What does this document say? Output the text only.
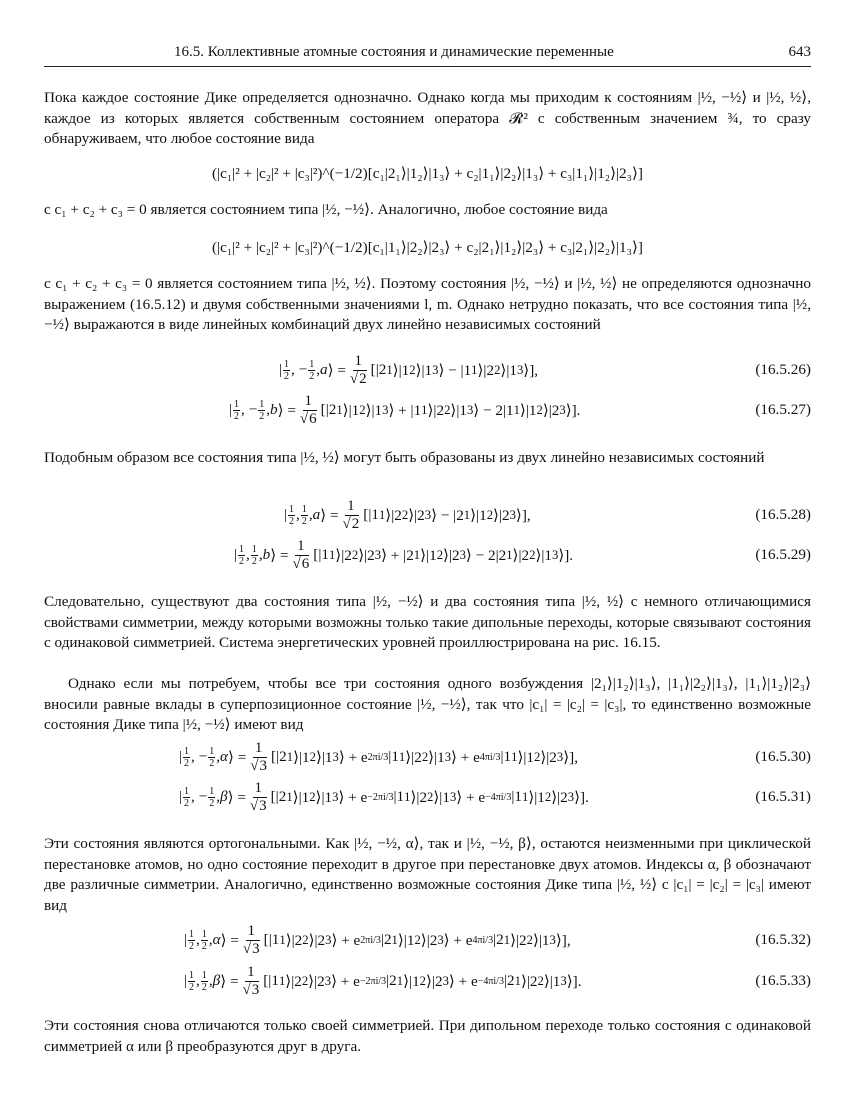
16.5. Коллективные атомные состояния и динамические переменные	643

Пока каждое состояние Дике определяется однозначно. Однако когда мы приходим к состояниям |½, −½⟩ и |½, ½⟩, каждое из которых является собственным состоянием оператора 𝓡² с собственным значением ¾, то сразу обнаруживаем, что любое состояние вида

(|c₁|² + |c₂|² + |c₃|²)^(−1/2)[c₁|2₁⟩|1₂⟩|1₃⟩ + c₂|1₁⟩|2₂⟩|1₃⟩ + c₃|1₁⟩|1₂⟩|2₃⟩]

с c₁ + c₂ + c₃ = 0 является состоянием типа |½, −½⟩. Аналогично, любое состояние вида

(|c₁|² + |c₂|² + |c₃|²)^(−1/2)[c₁|1₁⟩|2₂⟩|2₃⟩ + c₂|2₁⟩|1₂⟩|2₃⟩ + c₃|2₁⟩|2₂⟩|1₃⟩]

с c₁ + c₂ + c₃ = 0 является состоянием типа |½, ½⟩. Поэтому состояния |½, −½⟩ и |½, ½⟩ не определяются однозначно выражением (16.5.12) и двумя собственными значениями l, m. Однако нетрудно показать, что все состояния типа |½, −½⟩ выражаются в виде линейных комбинаций двух линейно независимых состояний

| 1
2 , − 1
2 , a ⟩ = $\frac{1}{√2} [|2$ 1 ⟩|1 2 ⟩|1 3 ⟩ − |1 1 ⟩|2 2 ⟩|1 3 ⟩],	(16.5.26)
| 1
2 , − 1
2 , b ⟩ = $\frac{1}{√6} [|2$ 1 ⟩|1 2 ⟩|1 3 ⟩ + |1 1 ⟩|2 2 ⟩|1 3 ⟩ − 2|1 1 ⟩|1 2 ⟩|2 3 ⟩].	(16.5.27)

Подобным образом все состояния типа |½, ½⟩ могут быть образованы из двух линейно независимых состояний

| 1
2 , 1
2 , a ⟩ = $\frac{1}{√2} [|1$ 1 ⟩|2 2 ⟩|2 3 ⟩ − |2 1 ⟩|1 2 ⟩|2 3 ⟩],	(16.5.28)
| 1
2 , 1
2 , b ⟩ = $\frac{1}{√6} [|1$ 1 ⟩|2 2 ⟩|2 3 ⟩ + |2 1 ⟩|1 2 ⟩|2 3 ⟩ − 2|2 1 ⟩|2 2 ⟩|1 3 ⟩].	(16.5.29)

Следовательно, существуют два состояния типа |½, −½⟩ и два состояния типа |½, ½⟩ с немного отличающимися свойствами симметрии, между которыми возможны только такие дипольные переходы, которые связывают состояния с одинаковой симметрией. Система энергетических уровней проиллюстрирована на рис. 16.15.

Однако если мы потребуем, чтобы все три состояния одного возбуждения |2₁⟩|1₂⟩|1₃⟩, |1₁⟩|2₂⟩|1₃⟩, |1₁⟩|1₂⟩|2₃⟩ вносили равные вклады в суперпозиционное состояние |½, −½⟩, так что |c₁| = |c₂| = |c₃|, то единственно возможные состояния Дике типа |½, −½⟩ имеют вид

| 1
2 , − 1
2 , α ⟩ = $\frac{1}{√3} [|2$ 1 ⟩|1 2 ⟩|1 3 ⟩ + e 2πi/3 |1 1 ⟩|2 2 ⟩|1 3 ⟩ + e 4πi/3 |1 1 ⟩|1 2 ⟩|2 3 ⟩],	(16.5.30)
| 1
2 , − 1
2 , β ⟩ = $\frac{1}{√3} [|2$ 1 ⟩|1 2 ⟩|1 3 ⟩ + e −2πi/3 |1 1 ⟩|2 2 ⟩|1 3 ⟩ + e −4πi/3 |1 1 ⟩|1 2 ⟩|2 3 ⟩].	(16.5.31)

Эти состояния являются ортогональными. Как |½, −½, α⟩, так и |½, −½, β⟩, остаются неизменными при циклической перестановке атомов, но одно состояние переходит в другое при перестановке двух атомов. Индексы α, β обозначают две различные симметрии. Аналогично, единственно возможные состояния Дике типа |½, ½⟩ с |c₁| = |c₂| = |c₃| имеют вид

| 1
2 , 1
2 , α ⟩ = $\frac{1}{√3} [|1$ 1 ⟩|2 2 ⟩|2 3 ⟩ + e 2πi/3 |2 1 ⟩|1 2 ⟩|2 3 ⟩ + e 4πi/3 |2 1 ⟩|2 2 ⟩|1 3 ⟩],	(16.5.32)
| 1
2 , 1
2 , β ⟩ = $\frac{1}{√3} [|1$ 1 ⟩|2 2 ⟩|2 3 ⟩ + e −2πi/3 |2 1 ⟩|1 2 ⟩|2 3 ⟩ + e −4πi/3 |2 1 ⟩|2 2 ⟩|1 3 ⟩].	(16.5.33)

Эти состояния снова отличаются только своей симметрией. При дипольном переходе только состояния с одинаковой симметрией α или β преобразуются друг в друга.
